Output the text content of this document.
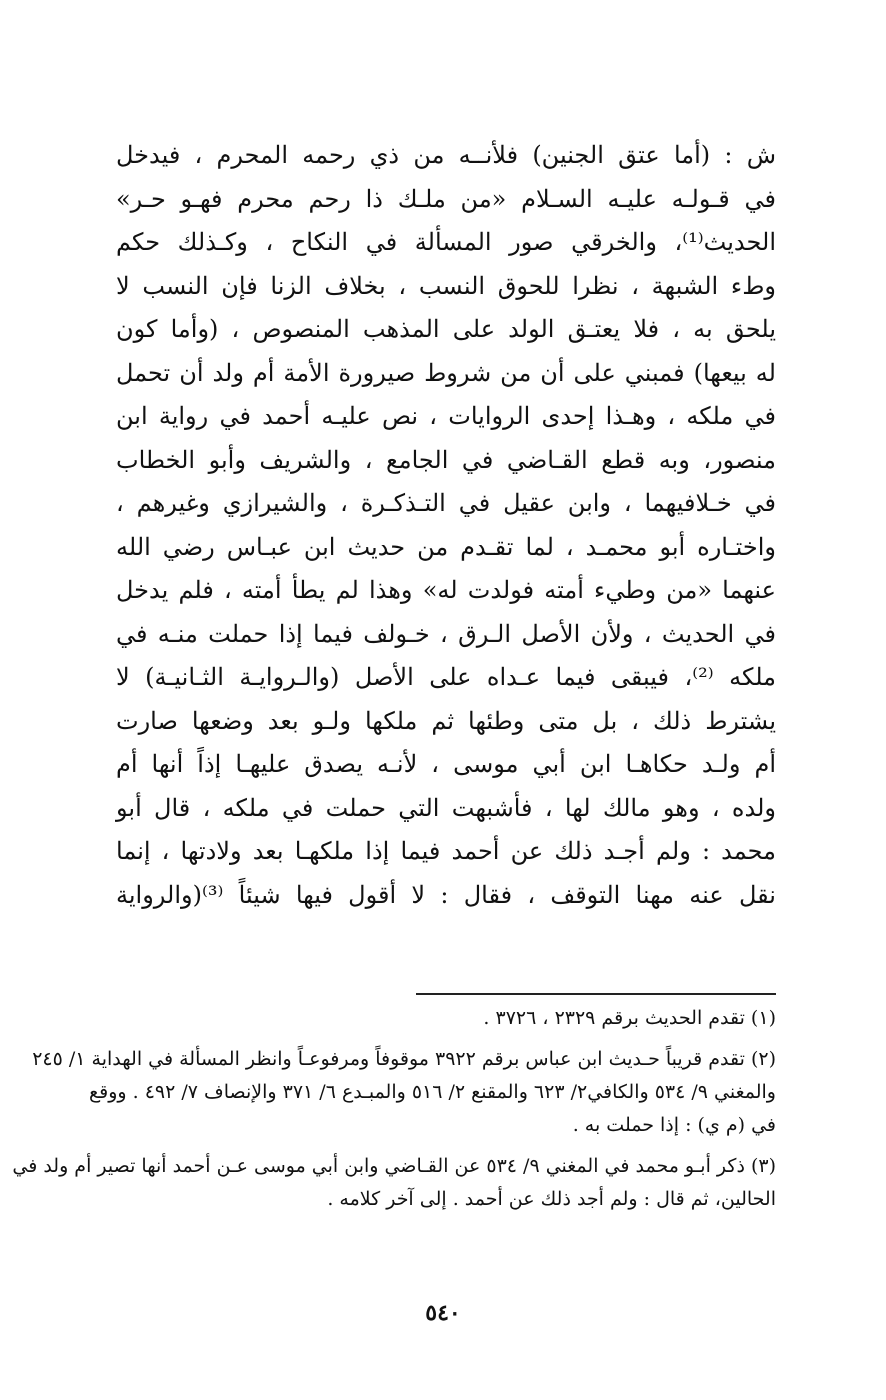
ش : (أما عتق الجنين) فلأنــه من ذي رحمه المحرم ، فيدخل
في قـولـه عليـه السـلام «من ملـك ذا رحم محرم فهـو حـر»
الحديث⁽¹⁾، والخرقي صور المسألة في النكاح ، وكـذلك حكم
وطء الشبهة ، نظرا للحوق النسب ، بخلاف الزنا فإن النسب لا
يلحق به ، فلا يعتـق الولد على المذهب المنصوص ، (وأما كون
له بيعها) فمبني على أن من شروط صيرورة الأمة أم ولد أن تحمل
في ملكه ، وهـذا إحدى الروايات ، نص عليـه أحمد في رواية ابن
منصور، وبه قطع القـاضي في الجامع ، والشريف وأبو الخطاب
في خـلافيهما ، وابن عقيل في التـذكـرة ، والشيرازي وغيرهم ،
واختـاره أبو محمـد ، لما تقـدم من حديث ابن عبـاس رضي الله
عنهما «من وطيء أمته فولدت له» وهذا لم يطأ أمته ، فلم يدخل
في الحديث ، ولأن الأصل الـرق ، خـولف فيما إذا حملت منـه في
ملكه ⁽²⁾، فيبقى فيما عـداه على الأصل (والـروايـة الثـانيـة) لا
يشترط ذلك ، بل متى وطئها ثم ملكها ولـو بعد وضعها صارت
أم ولـد حكاهـا ابن أبي موسى ، لأنـه يصدق عليهـا إذاً أنها أم
ولده ، وهو مالك لها ، فأشبهت التي حملت في ملكه ، قال أبو
محمد : ولم أجـد ذلك عن أحمد فيما إذا ملكهـا بعد ولادتها ، إنما
نقل عنه مهنا التوقف ، فقال : لا أقول فيها شيئاً ⁽³⁾(والرواية
(١) تقدم الحديث برقم ٢٣٢٩ ، ٣٧٢٦ .
(٢) تقدم قريباً حـديث ابن عباس برقم ٣٩٢٢ موقوفاً ومرفوعـاً وانظر المسألة في الهداية ١/ ٢٤٥
والمغني ٩/ ٥٣٤ والكافي٢/ ٦٢٣ والمقنع ٢/ ٥١٦ والمبـدع ٦/ ٣٧١ والإنصاف ٧/ ٤٩٢ . ووقع
في (م ي) : إذا حملت به .
(٣) ذكر أبـو محمد في المغني ٩/ ٥٣٤ عن القـاضي وابن أبي موسى عـن أحمد أنها تصير أم ولد في
الحالين، ثم قال : ولم أجد ذلك عن أحمد . إلى آخر كلامه .
٥٤٠
